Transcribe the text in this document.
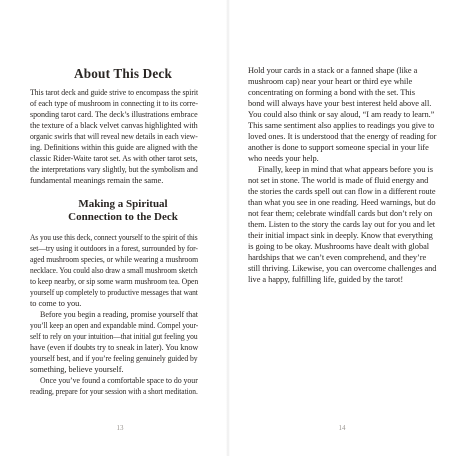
About This Deck
This tarot deck and guide strive to encompass the spirit
of each type of mushroom in connecting it to its corre-
sponding tarot card. The deck’s illustrations embrace
the texture of a black velvet canvas highlighted with
organic swirls that will reveal new details in each view-
ing. Definitions within this guide are aligned with the
classic Rider-Waite tarot set. As with other tarot sets,
the interpretations vary slightly, but the symbolism and
fundamental meanings remain the same.
Making a Spiritual
Connection to the Deck
As you use this deck, connect yourself to the spirit of this
set—try using it outdoors in a forest, surrounded by for-
aged mushroom species, or while wearing a mushroom
necklace. You could also draw a small mushroom sketch
to keep nearby, or sip some warm mushroom tea. Open
yourself up completely to productive messages that want
to come to you.
Before you begin a reading, promise yourself that
you’ll keep an open and expandable mind. Compel your-
self to rely on your intuition—that initial gut feeling you
have (even if doubts try to sneak in later). You know
yourself best, and if you’re feeling genuinely guided by
something, believe yourself.
Once you’ve found a comfortable space to do your
reading, prepare for your session with a short meditation.
13
Hold your cards in a stack or a fanned shape (like a
mushroom cap) near your heart or third eye while
concentrating on forming a bond with the set. This
bond will always have your best interest held above all.
You could also think or say aloud, “I am ready to learn.”
This same sentiment also applies to readings you give to
loved ones. It is understood that the energy of reading for
another is done to support someone special in your life
who needs your help.
Finally, keep in mind that what appears before you is
not set in stone. The world is made of fluid energy and
the stories the cards spell out can flow in a different route
than what you see in one reading. Heed warnings, but do
not fear them; celebrate windfall cards but don’t rely on
them. Listen to the story the cards lay out for you and let
their initial impact sink in deeply. Know that everything
is going to be okay. Mushrooms have dealt with global
hardships that we can’t even comprehend, and they’re
still thriving. Likewise, you can overcome challenges and
live a happy, fulfilling life, guided by the tarot!
14
